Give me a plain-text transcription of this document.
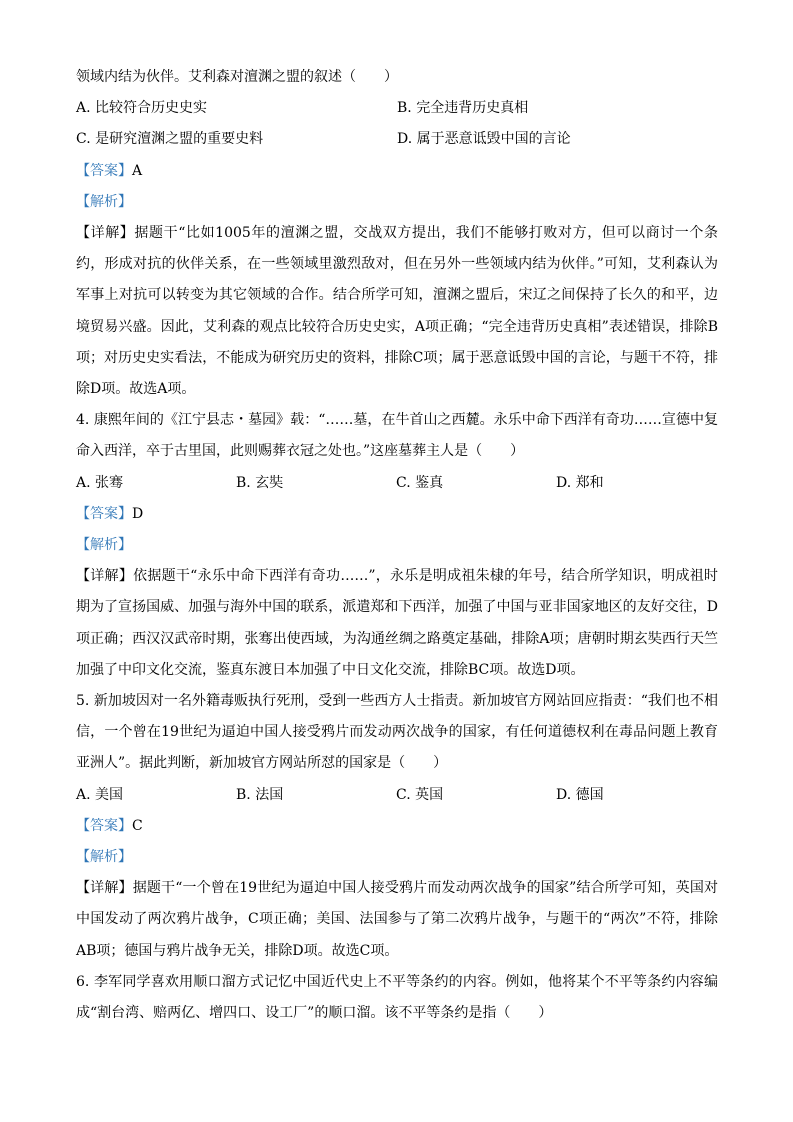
领域内结为伙伴。艾利森对澶渊之盟的叙述（　　）
A. 比较符合历史史实	B. 完全违背历史真相
C. 是研究澶渊之盟的重要史料	D. 属于恶意诋毁中国的言论
【答案】A
【解析】
【详解】据题干“比如1005年的澶渊之盟，交战双方提出，我们不能够打败对方，但可以商讨一个条约，形成对抗的伙伴关系，在一些领域里激烈敌对，但在另外一些领域内结为伙伴。”可知，艾利森认为军事上对抗可以转变为其它领域的合作。结合所学可知，澶渊之盟后，宋辽之间保持了长久的和平，边境贸易兴盛。因此，艾利森的观点比较符合历史史实，A项正确；“完全违背历史真相”表述错误，排除B项；对历史史实看法，不能成为研究历史的资料，排除C项；属于恶意诋毁中国的言论，与题干不符，排除D项。故选A项。
4. 康熙年间的《江宁县志・墓园》载：“……墓，在牛首山之西麓。永乐中命下西洋有奇功……宣德中复命入西洋，卒于古里国，此则赐葬衣冠之处也。”这座墓葬主人是（　　）
A. 张骞	B. 玄奘	C. 鉴真	D. 郑和
【答案】D
【解析】
【详解】依据题干“永乐中命下西洋有奇功……”，永乐是明成祖朱棣的年号，结合所学知识，明成祖时期为了宣扬国威、加强与海外中国的联系，派遣郑和下西洋，加强了中国与亚非国家地区的友好交往，D项正确；西汉汉武帝时期，张骞出使西域，为沟通丝绸之路奠定基础，排除A项；唐朝时期玄奘西行天竺加强了中印文化交流，鉴真东渡日本加强了中日文化交流，排除BC项。故选D项。
5. 新加坡因对一名外籍毒贩执行死刑，受到一些西方人士指责。新加坡官方网站回应指责：“我们也不相信，一个曾在19世纪为逼迫中国人接受鸦片而发动两次战争的国家，有任何道德权利在毒品问题上教育亚洲人”。据此判断，新加坡官方网站所怼的国家是（　　）
A. 美国	B. 法国	C. 英国	D. 德国
【答案】C
【解析】
【详解】据题干“一个曾在19世纪为逼迫中国人接受鸦片而发动两次战争的国家”结合所学可知，英国对中国发动了两次鸦片战争，C项正确；美国、法国参与了第二次鸦片战争，与题干的“两次”不符，排除AB项；德国与鸦片战争无关，排除D项。故选C项。
6. 李军同学喜欢用顺口溜方式记忆中国近代史上不平等条约的内容。例如，他将某个不平等条约内容编成“割台湾、赔两亿、增四口、设工厂”的顺口溜。该不平等条约是指（　　）
